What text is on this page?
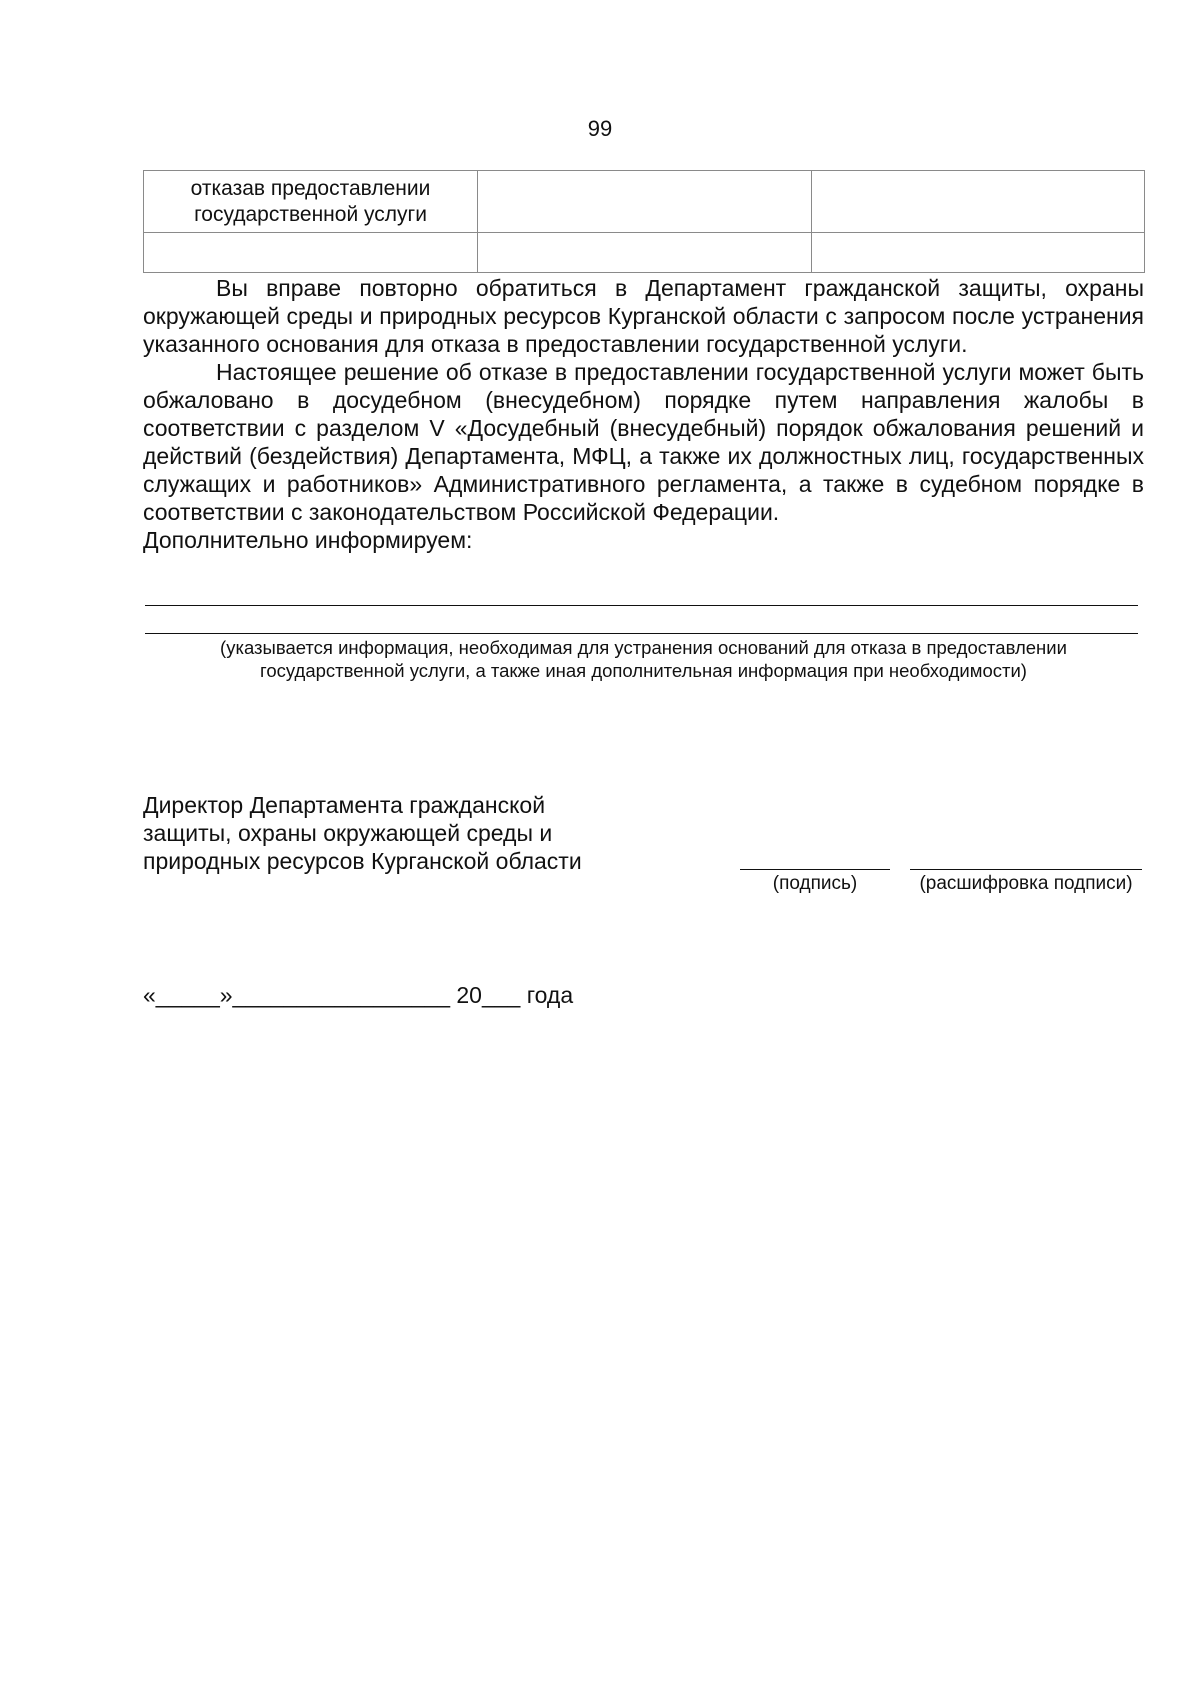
99
отказав предоставлении государственной услуги		

Вы вправе повторно обратиться в Департамент гражданской защиты, охраны окружающей среды и природных ресурсов Курганской области с запросом после устранения указанного основания для отказа в предоставлении государственной услуги.

Настоящее решение об отказе в предоставлении государственной услуги может быть обжаловано в досудебном (внесудебном) порядке путем направления жалобы в соответствии с разделом V «Досудебный (внесудебный) порядок обжалования решений и действий (бездействия) Департамента, МФЦ, а также их должностных лиц, государственных служащих и работников» Административного регламента, а также в судебном порядке в соответствии с законодательством Российской Федерации.

Дополнительно информируем:

(указывается информация, необходимая для устранения оснований для отказа в предоставлении
государственной услуги, а также иная дополнительная информация при необходимости)
Директор Департамента гражданской
защиты, охраны окружающей среды и
природных ресурсов Курганской области
(подпись)	(расшифровка подписи)
«_____»_________________ 20___ года
